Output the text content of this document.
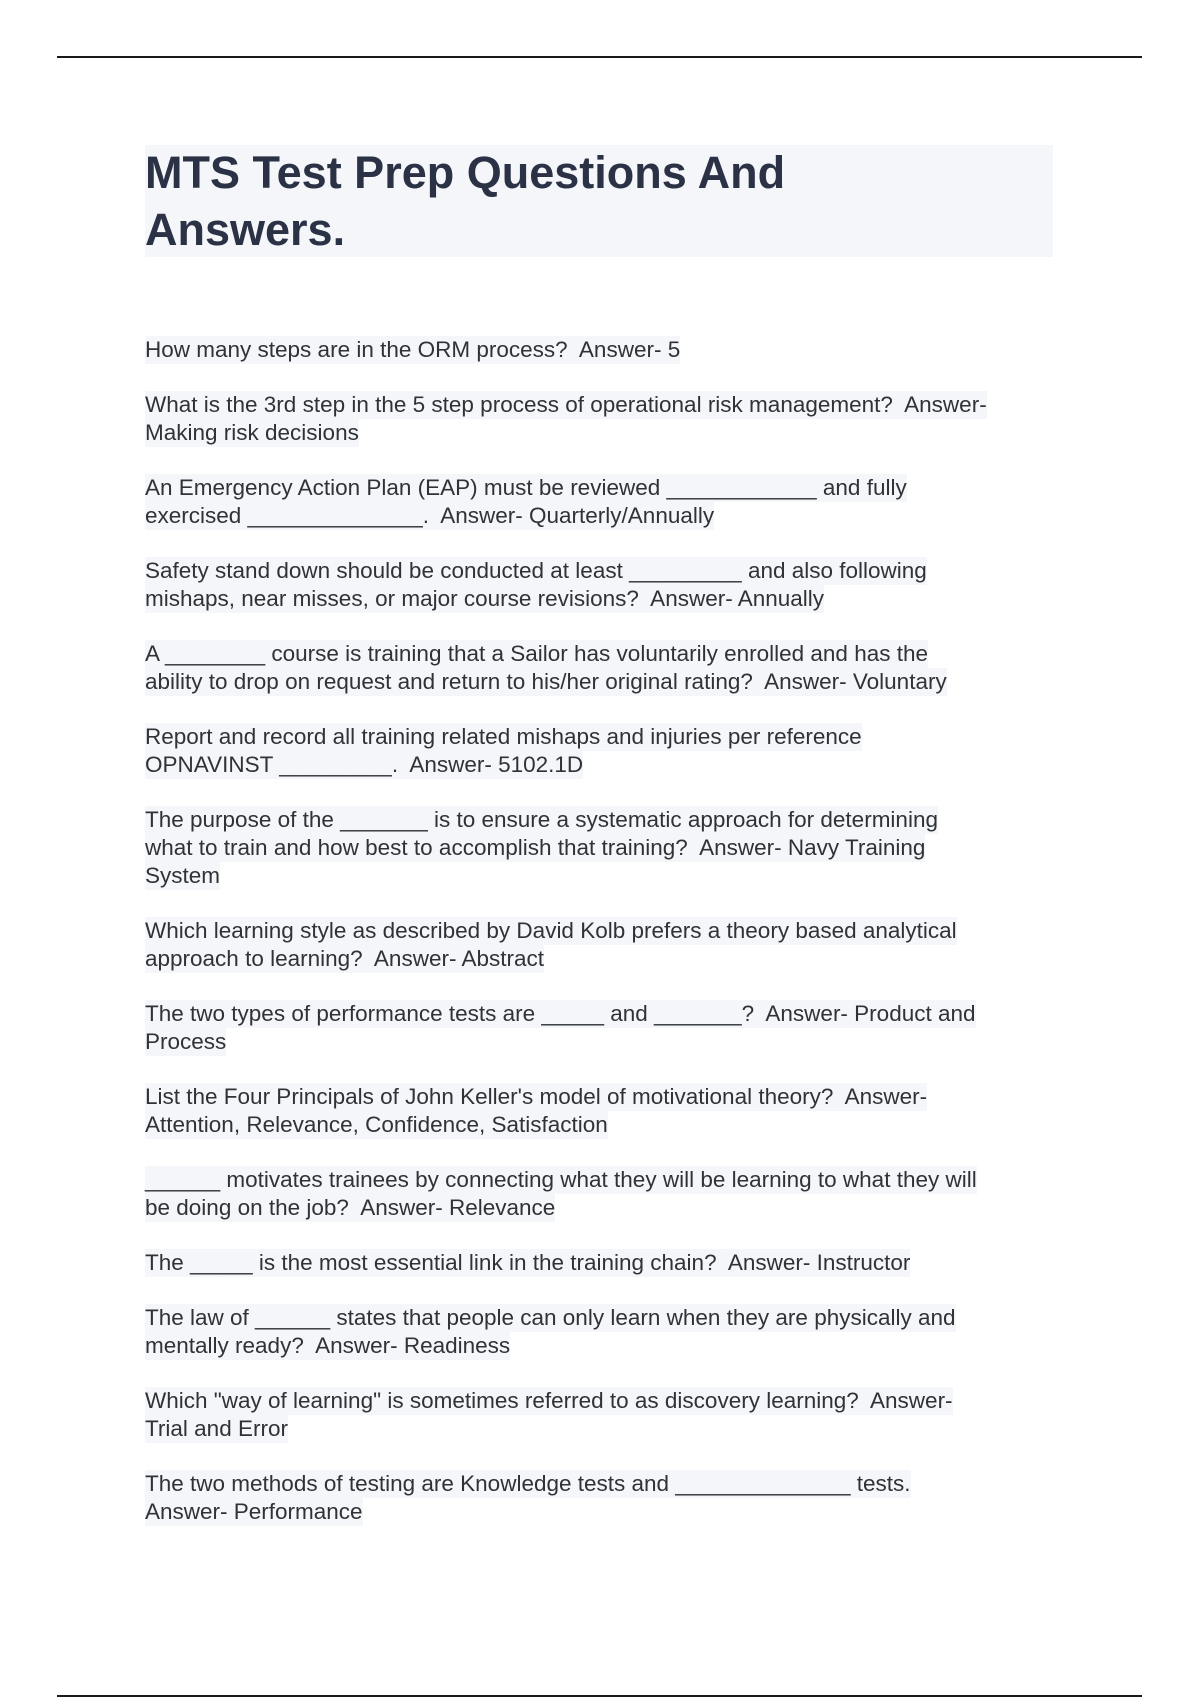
MTS Test Prep Questions And
Answers.

How many steps are in the ORM process?  Answer- 5

What is the 3rd step in the 5 step process of operational risk management?  Answer-
Making risk decisions

An Emergency Action Plan (EAP) must be reviewed ____________ and fully
exercised ______________.  Answer- Quarterly/Annually

Safety stand down should be conducted at least _________ and also following
mishaps, near misses, or major course revisions?  Answer- Annually

A ________ course is training that a Sailor has voluntarily enrolled and has the
ability to drop on request and return to his/her original rating?  Answer- Voluntary

Report and record all training related mishaps and injuries per reference
OPNAVINST _________.  Answer- 5102.1D

The purpose of the _______ is to ensure a systematic approach for determining
what to train and how best to accomplish that training?  Answer- Navy Training
System

Which learning style as described by David Kolb prefers a theory based analytical
approach to learning?  Answer- Abstract

The two types of performance tests are _____ and _______?  Answer- Product and
Process

List the Four Principals of John Keller's model of motivational theory?  Answer-
Attention, Relevance, Confidence, Satisfaction

______ motivates trainees by connecting what they will be learning to what they will
be doing on the job?  Answer- Relevance

The _____ is the most essential link in the training chain?  Answer- Instructor

The law of ______ states that people can only learn when they are physically and
mentally ready?  Answer- Readiness

Which "way of learning" is sometimes referred to as discovery learning?  Answer-
Trial and Error

The two methods of testing are Knowledge tests and ______________ tests.
Answer- Performance
